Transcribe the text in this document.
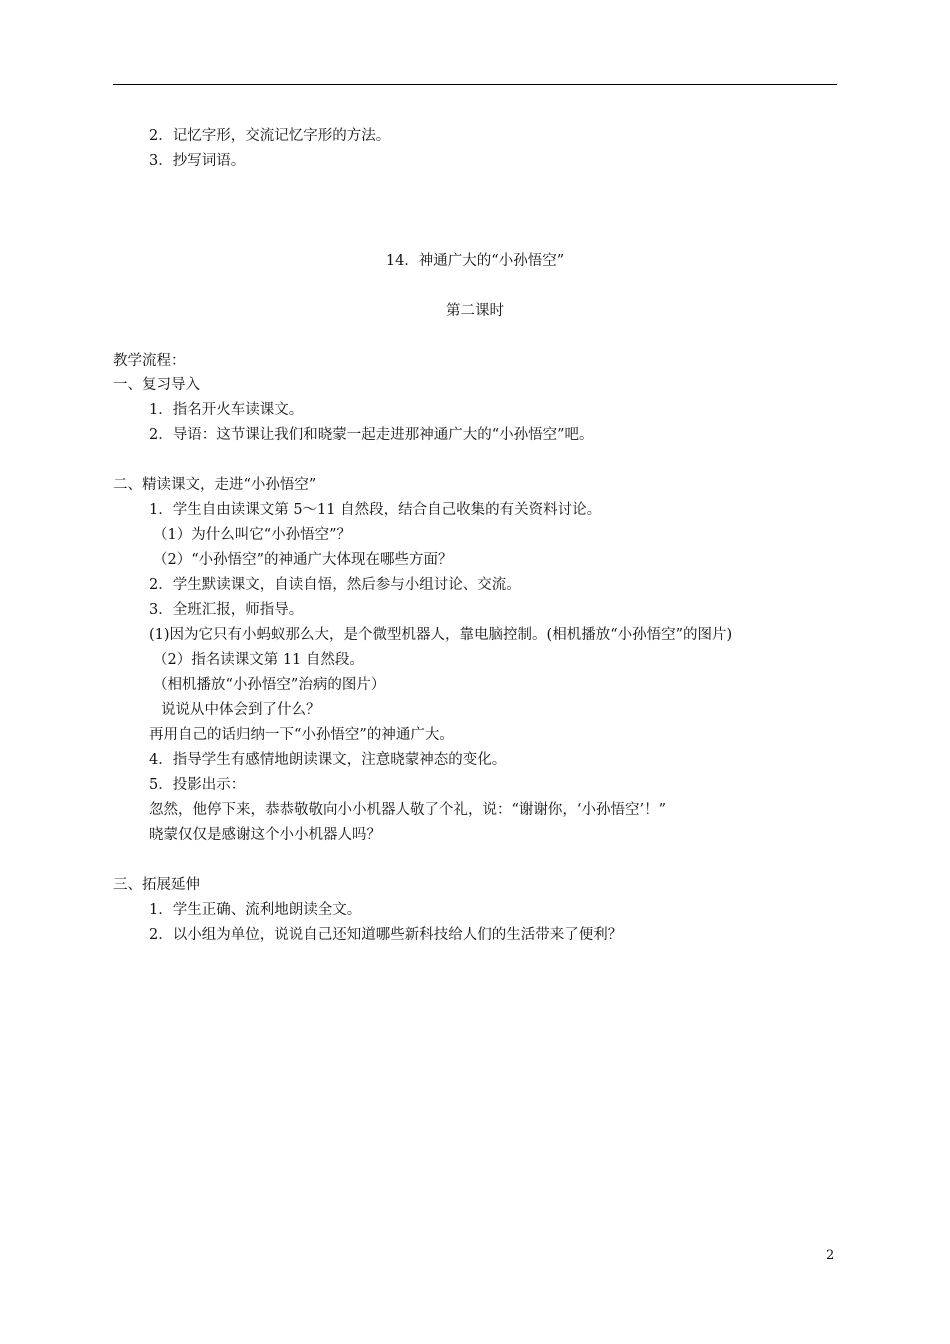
2．记忆字形，交流记忆字形的方法。
3．抄写词语。
14．神通广大的“小孙悟空”
第二课时
教学流程：
一、复习导入
1．指名开火车读课文。
2．导语：这节课让我们和晓蒙一起走进那神通广大的“小孙悟空”吧。
二、精读课文，走进“小孙悟空”
1．学生自由读课文第 5～11 自然段，结合自己收集的有关资料讨论。
（1）为什么叫它“小孙悟空”？
（2）“小孙悟空”的神通广大体现在哪些方面？
2．学生默读课文，自读自悟，然后参与小组讨论、交流。
3．全班汇报，师指导。
(1)因为它只有小蚂蚁那么大，是个微型机器人，靠电脑控制。(相机播放“小孙悟空”的图片)
（2）指名读课文第 11 自然段。
（相机播放“小孙悟空”治病的图片）
说说从中体会到了什么？
再用自己的话归纳一下“小孙悟空”的神通广大。
4．指导学生有感情地朗读课文，注意晓蒙神态的变化。
5．投影出示：
忽然，他停下来，恭恭敬敬向小小机器人敬了个礼，说：“谢谢你，‘小孙悟空’！”
晓蒙仅仅是感谢这个小小机器人吗？
三、拓展延伸
1．学生正确、流利地朗读全文。
2．以小组为单位，说说自己还知道哪些新科技给人们的生活带来了便利？
2
